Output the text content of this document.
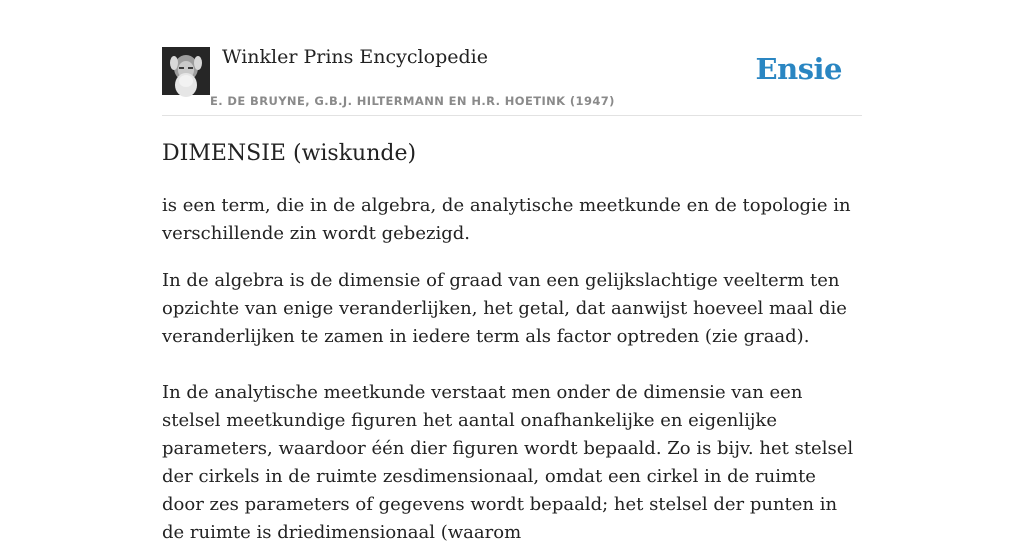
Winkler Prins Encyclopedie
E. DE BRUYNE, G.B.J. HILTERMANN EN H.R. HOETINK (1947)
Ensie
DIMENSIE (wiskunde)

is een term, die in de algebra, de analytische meetkunde en de topologie in verschillende zin wordt gebezigd.

In de algebra is de dimensie of graad van een gelijkslachtige veelterm ten opzichte van enige veranderlijken, het getal, dat aanwijst hoeveel maal die veranderlijken te zamen in iedere term als factor optreden (zie graad).

In de analytische meetkunde verstaat men onder de dimensie van een stelsel meetkundige figuren het aantal onafhankelijke en eigenlijke parameters, waardoor één dier figuren wordt bepaald. Zo is bijv. het stelsel der cirkels in de ruimte zesdimensionaal, omdat een cirkel in de ruimte door zes parameters of gegevens wordt bepaald; het stelsel der punten in de ruimte is driedimensionaal (waarom
